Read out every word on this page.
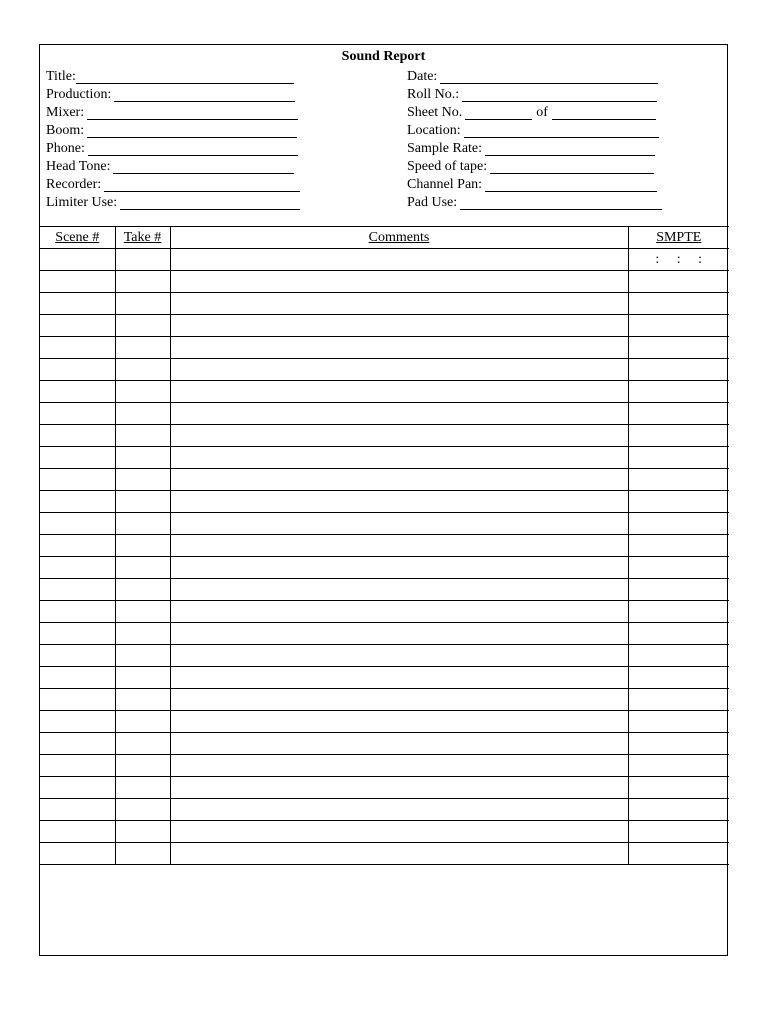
Sound Report
Title:
Production:
Mixer:
Boom:
Phone:
Head Tone:
Recorder:
Limiter Use:
Date:
Roll No.:
Sheet No.	of
Location:
Sample Rate:
Speed of tape:
Channel Pan:
Pad Use:
Scene #	Take #	Comments	SMPTE
			:     :     :
